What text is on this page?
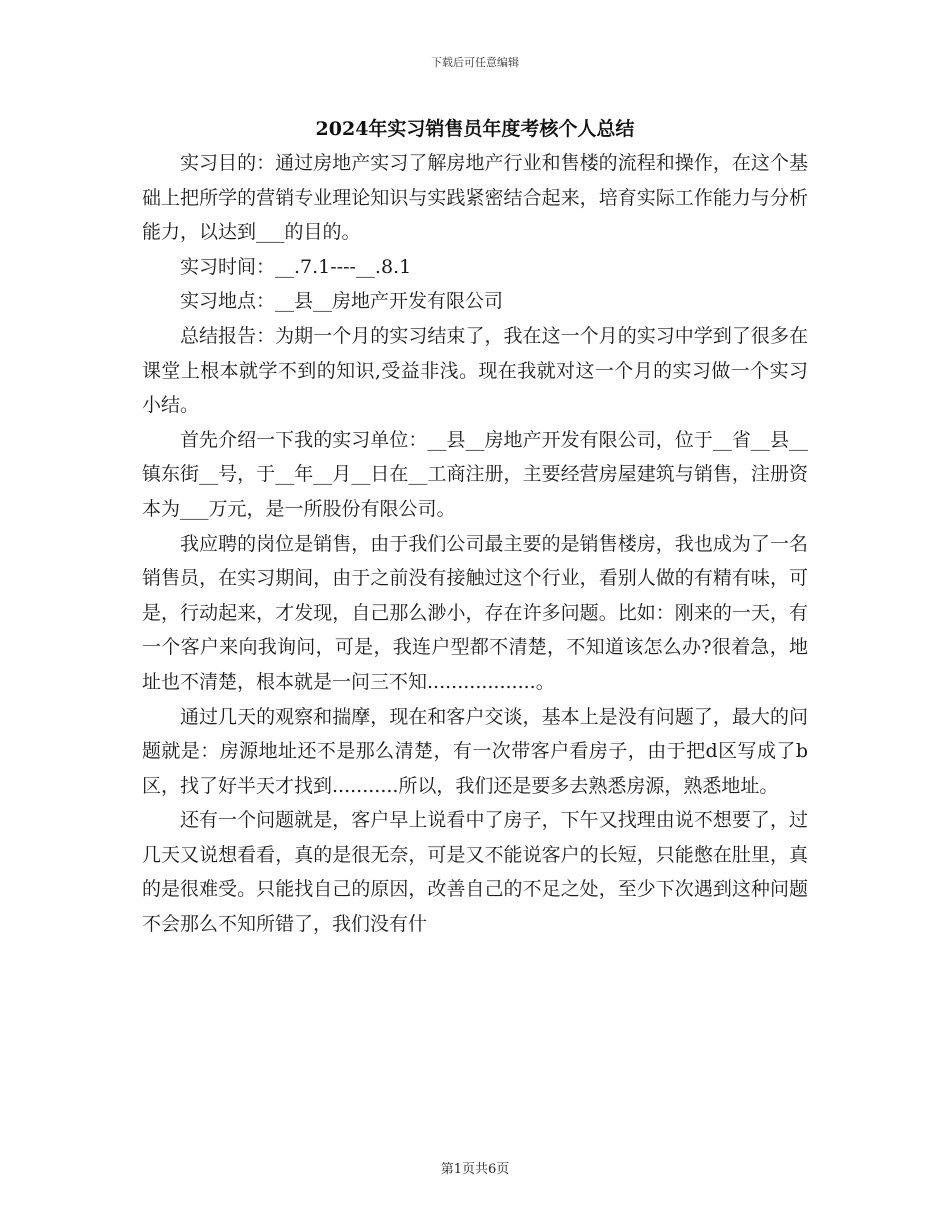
下载后可任意编辑
2024年实习销售员年度考核个人总结

实习目的：通过房地产实习了解房地产行业和售楼的流程和操作，在这个基础上把所学的营销专业理论知识与实践紧密结合起来，培育实际工作能力与分析能力，以达到___的目的。

实习时间：__.7.1----__.8.1

实习地点：__县__房地产开发有限公司

总结报告：为期一个月的实习结束了，我在这一个月的实习中学到了很多在课堂上根本就学不到的知识,受益非浅。现在我就对这一个月的实习做一个实习小结。

首先介绍一下我的实习单位：__县__房地产开发有限公司，位于__省__县__镇东街__号，于__年__月__日在__工商注册，主要经营房屋建筑与销售，注册资本为___万元，是一所股份有限公司。

我应聘的岗位是销售，由于我们公司最主要的是销售楼房，我也成为了一名销售员，在实习期间，由于之前没有接触过这个行业，看别人做的有精有味，可是，行动起来，才发现，自己那么渺小，存在许多问题。比如：刚来的一天，有一个客户来向我询问，可是，我连户型都不清楚，不知道该怎么办?很着急，地址也不清楚，根本就是一问三不知..................。

通过几天的观察和揣摩，现在和客户交谈，基本上是没有问题了，最大的问题就是：房源地址还不是那么清楚，有一次带客户看房子，由于把d区写成了b区，找了好半天才找到...........所以，我们还是要多去熟悉房源，熟悉地址。

还有一个问题就是，客户早上说看中了房子，下午又找理由说不想要了，过几天又说想看看，真的是很无奈，可是又不能说客户的长短，只能憋在肚里，真的是很难受。只能找自己的原因，改善自己的不足之处，至少下次遇到这种问题不会那么不知所错了，我们没有什

第1页共6页
